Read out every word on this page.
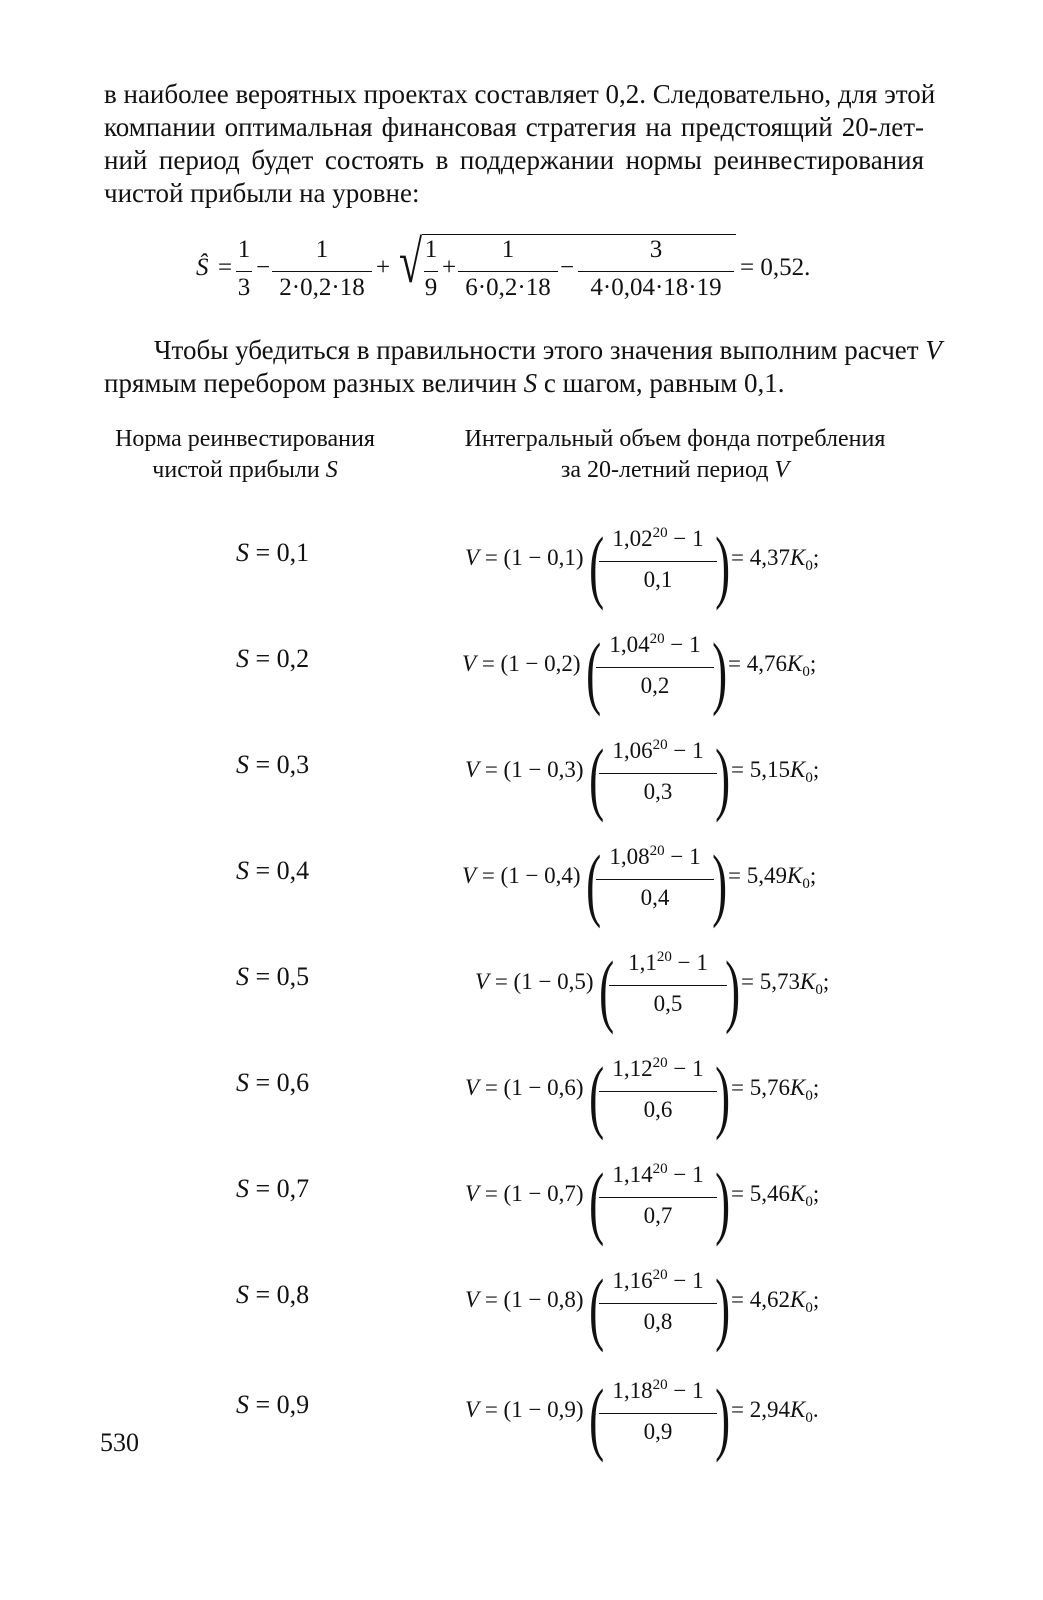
в наиболее вероятных проектах составляет 0,2. Следовательно, для этой
компании оптимальная финансовая стратегия на предстоящий 20-лет-
ний период будет состоять в поддержании нормы реинвестирования
чистой прибыли на уровне:
Ŝ =
1
3
−
1
2·0,2·18
+ √ 1
9
+
1
6·0,2·18
−
3
4·0,04·18·19
= 0,52.
Чтобы убедиться в правильности этого значения выполним расчет V
прямым перебором разных величин S с шагом, равным 0,1.
Норма реинвестирования
чистой прибыли S
Интегральный объем фонда потребления
за 20-летний период V
S = 0,1	V = (1 − 0,1) ( $1,02^{20} - 1$
0,1 ) = $4,37K_0$;
S = 0,2	V = (1 − 0,2) ( $1,04^{20} - 1$
0,2 ) = $4,76K_0$;
S = 0,3	V = (1 − 0,3) ( $1,06^{20} - 1$
0,3 ) = $5,15K_0$;
S = 0,4	V = (1 − 0,4) ( $1,08^{20} - 1$
0,4 ) = $5,49K_0$;
S = 0,5	V = (1 − 0,5) ( $1,1^{20} - 1$
0,5 ) = $5,73K_0$;
S = 0,6	V = (1 − 0,6) ( $1,12^{20} - 1$
0,6 ) = $5,76K_0$;
S = 0,7	V = (1 − 0,7) ( $1,14^{20} - 1$
0,7 ) = $5,46K_0$;
S = 0,8	V = (1 − 0,8) ( $1,16^{20} - 1$
0,8 ) = $4,62K_0$;
S = 0,9	V = (1 − 0,9) ( $1,18^{20} - 1$
0,9 ) = $2,94K_0$.
530
